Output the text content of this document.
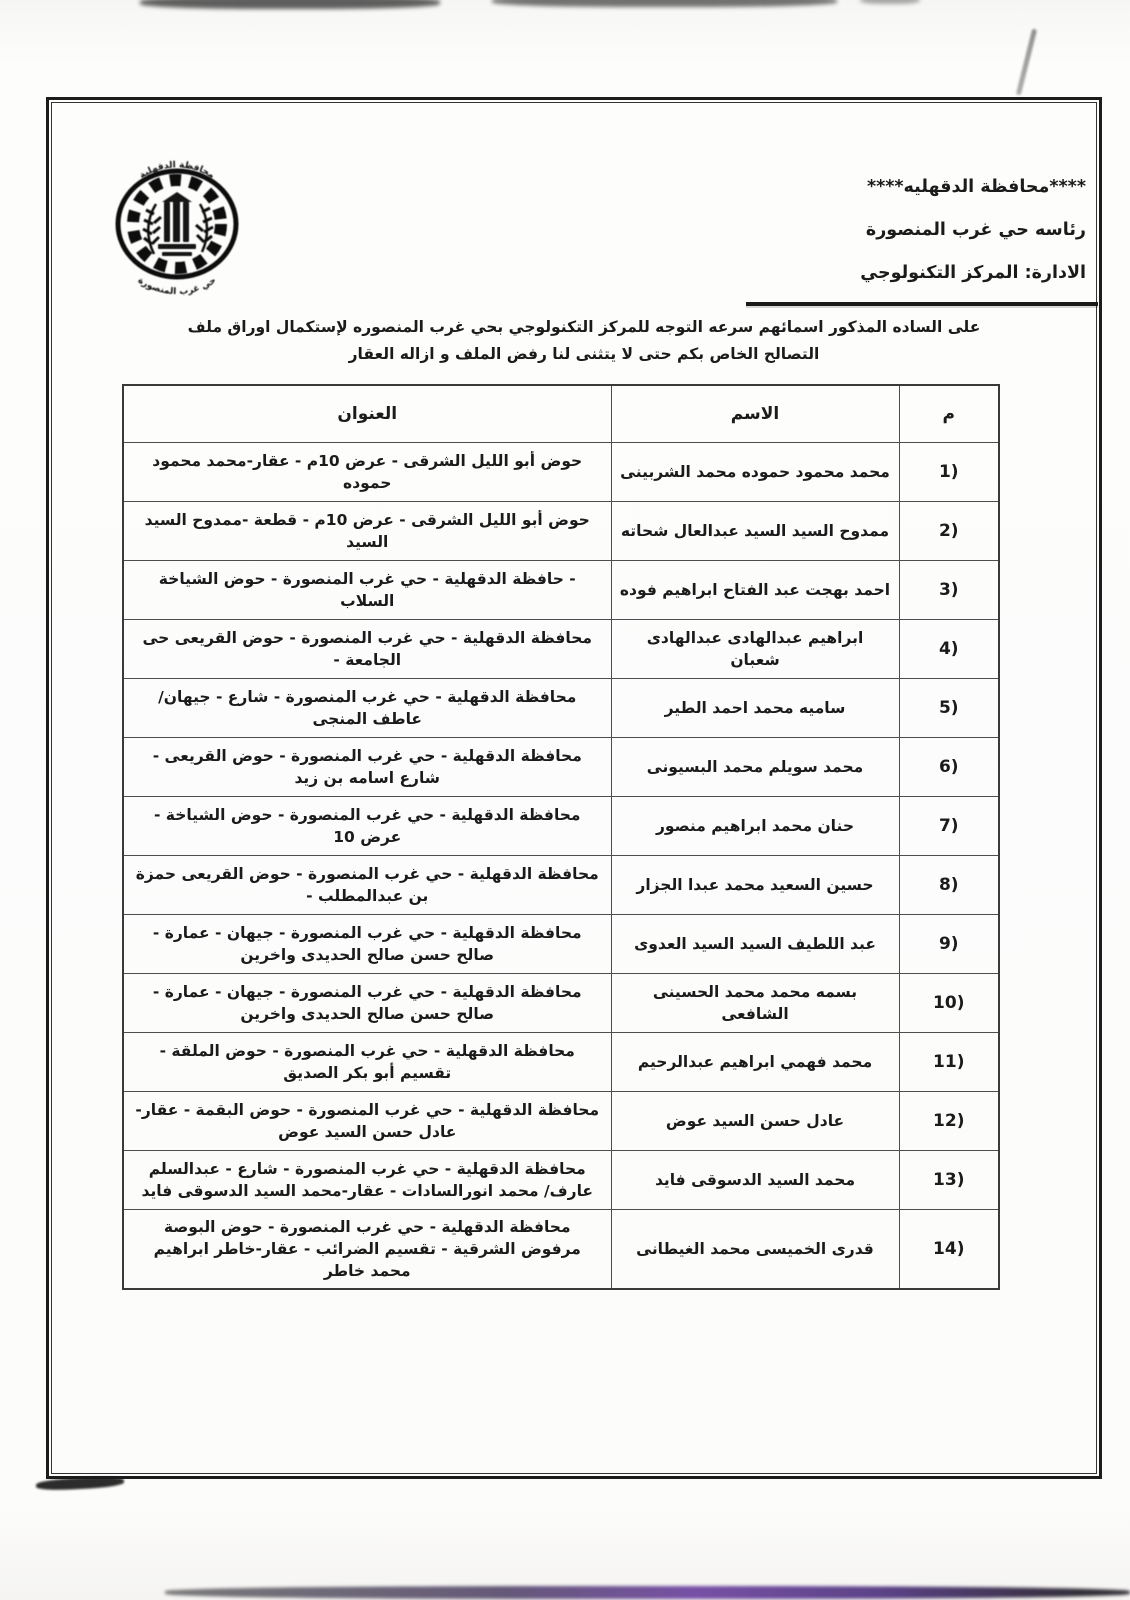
محافظة الدقهلية
حي غرب المنصورة
****محافظة الدقهليه****
رئاسه حي غرب المنصورة
الادارة: المركز التكنولوجي
على الساده المذكور اسمائهم سرعه التوجه للمركز التكنولوجي بحي غرب المنصوره لإستكمال اوراق ملف
التصالح الخاص بكم حتى لا يتثنى لنا رفض الملف و ازاله العقار
م	الاسم	العنوان
1)	محمد محمود حموده محمد الشربينى	حوض أبو الليل الشرقى - عرض 10م - عقار-محمد محمود حموده
2)	ممدوح السيد السيد عبدالعال شحاته	حوض أبو الليل الشرقى - عرض 10م - قطعة -ممدوح السيد السيد
3)	احمد بهجت عبد الفتاح ابراهيم فوده	- حافظة الدقهلية - حي غرب المنصورة - حوض الشياخة السلاب
4)	ابراهيم عبدالهادى عبدالهادى شعبان	محافظة الدقهلية - حي غرب المنصورة - حوض القريعى حى الجامعة -
5)	ساميه محمد احمد الطير	محافظة الدقهلية - حي غرب المنصورة - شارع - جيهان/ عاطف المنجى
6)	محمد سويلم محمد البسيونى	محافظة الدقهلية - حي غرب المنصورة - حوض القريعى - شارع اسامه بن زيد
7)	حنان محمد ابراهيم منصور	محافظة الدقهلية - حي غرب المنصورة - حوض الشياخة - عرض 10
8)	حسين السعيد محمد عبدا الجزار	محافظة الدقهلية - حي غرب المنصورة - حوض القريعى حمزة بن عبدالمطلب -
9)	عبد اللطيف السيد السيد العدوى	محافظة الدقهلية - حي غرب المنصورة - جيهان - عمارة - صالح حسن صالح الحديدى واخرين
10)	بسمه محمد محمد الحسينى الشافعى	محافظة الدقهلية - حي غرب المنصورة - جيهان - عمارة - صالح حسن صالح الحديدى واخرين
11)	محمد فهمي ابراهيم عبدالرحيم	محافظة الدقهلية - حي غرب المنصورة - حوض الملقة - تقسيم أبو بكر الصديق
12)	عادل حسن السيد عوض	محافظة الدقهلية - حي غرب المنصورة - حوض البقمة - عقار-عادل حسن السيد عوض
13)	محمد السيد الدسوقى فايد	محافظة الدقهلية - حي غرب المنصورة - شارع - عبدالسلم عارف/ محمد انورالسادات - عقار-محمد السيد الدسوقى فايد
14)	قدرى الخميسى محمد الغيطانى	محافظة الدقهلية - حي غرب المنصورة - حوض البوصة مرفوض الشرقية - تقسيم الضرائب - عقار-خاطر ابراهيم محمد خاطر
